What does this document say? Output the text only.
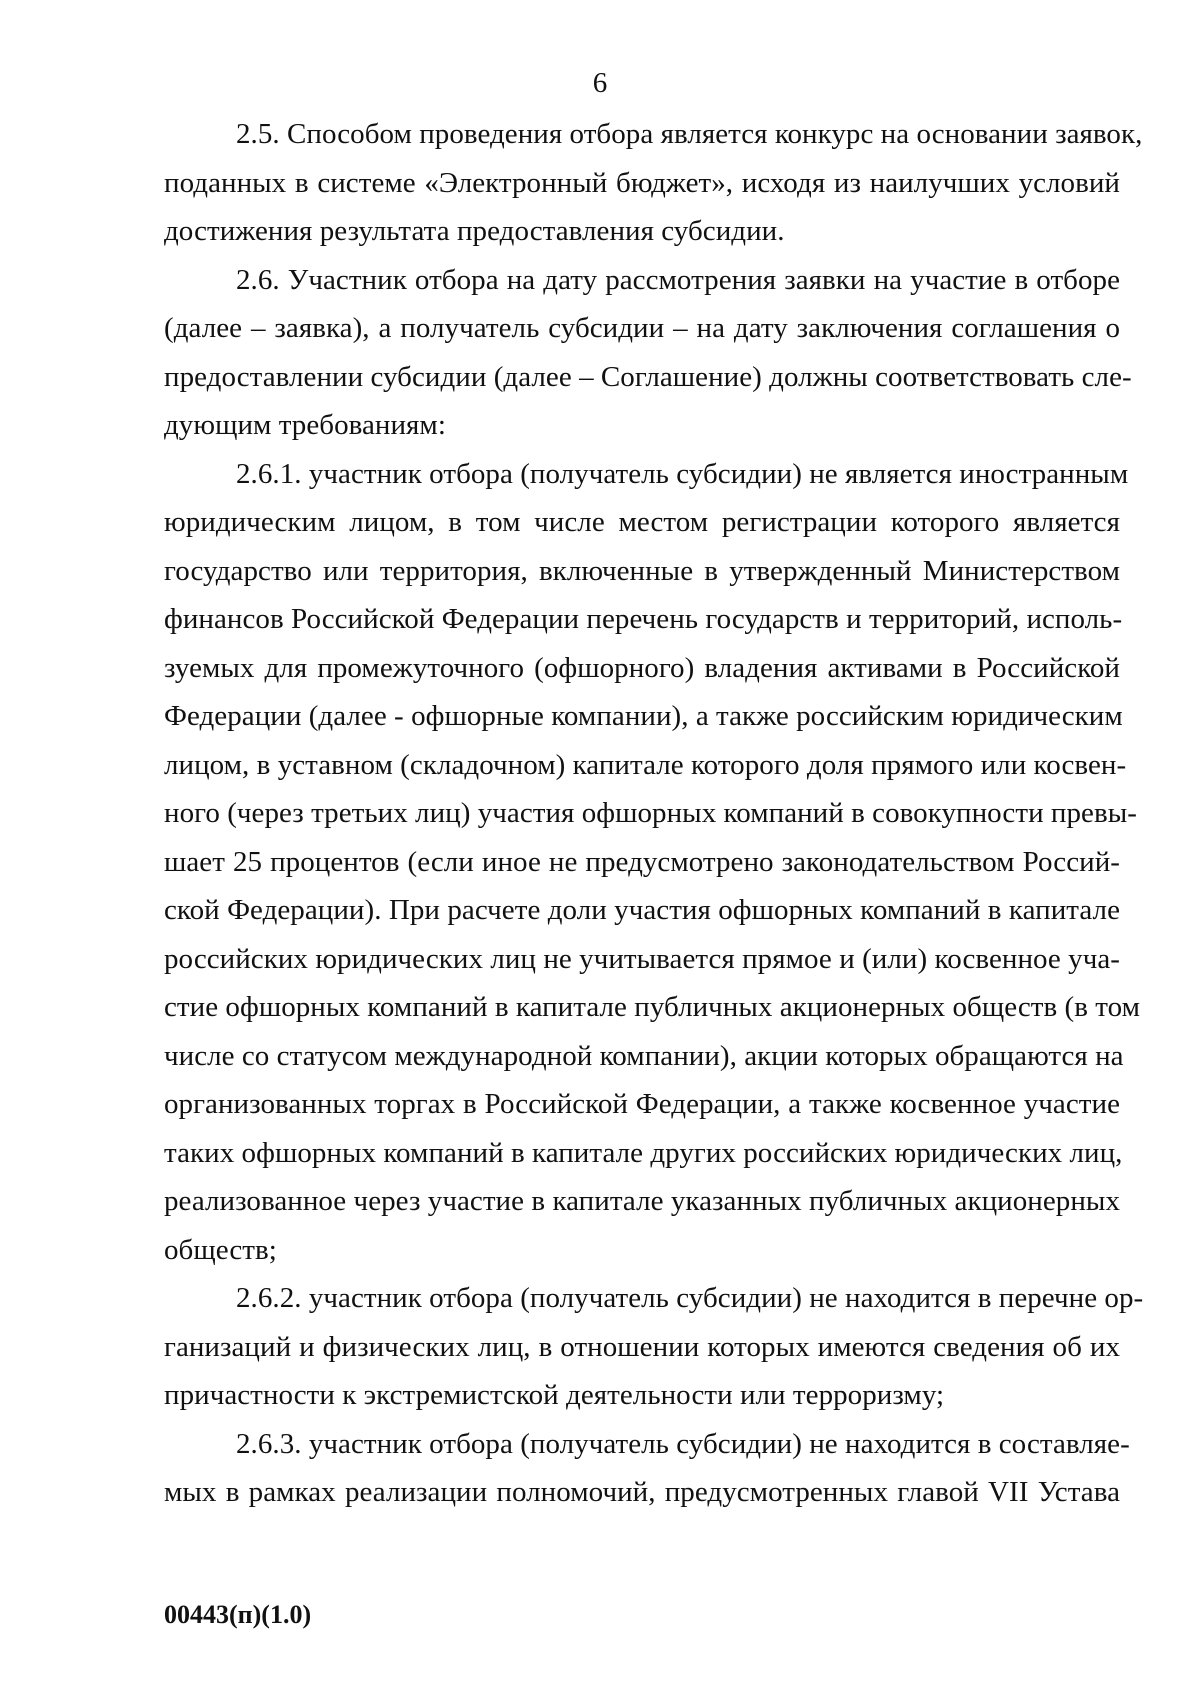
6

2.5. Способом проведения отбора является конкурс на основании заявок,
поданных в системе «Электронный бюджет», исходя из наилучших условий
достижения результата предоставления субсидии.

2.6. Участник отбора на дату рассмотрения заявки на участие в отборе
(далее – заявка), а получатель субсидии – на дату заключения соглашения о
предоставлении субсидии (далее – Соглашение) должны соответствовать сле-
дующим требованиям:

2.6.1. участник отбора (получатель субсидии) не является иностранным
юридическим лицом, в том числе местом регистрации которого является
государство или территория, включенные в утвержденный Министерством
финансов Российской Федерации перечень государств и территорий, исполь-
зуемых для промежуточного (офшорного) владения активами в Российской
Федерации (далее - офшорные компании), а также российским юридическим
лицом, в уставном (складочном) капитале которого доля прямого или косвен-
ного (через третьих лиц) участия офшорных компаний в совокупности превы-
шает 25 процентов (если иное не предусмотрено законодательством Россий-
ской Федерации). При расчете доли участия офшорных компаний в капитале
российских юридических лиц не учитывается прямое и (или) косвенное уча-
стие офшорных компаний в капитале публичных акционерных обществ (в том
числе со статусом международной компании), акции которых обращаются на
организованных торгах в Российской Федерации, а также косвенное участие
таких офшорных компаний в капитале других российских юридических лиц,
реализованное через участие в капитале указанных публичных акционерных
обществ;

2.6.2. участник отбора (получатель субсидии) не находится в перечне ор-
ганизаций и физических лиц, в отношении которых имеются сведения об их
причастности к экстремистской деятельности или терроризму;

2.6.3. участник отбора (получатель субсидии) не находится в составляе-
мых в рамках реализации полномочий, предусмотренных главой VII Устава

00443(п)(1.0)
